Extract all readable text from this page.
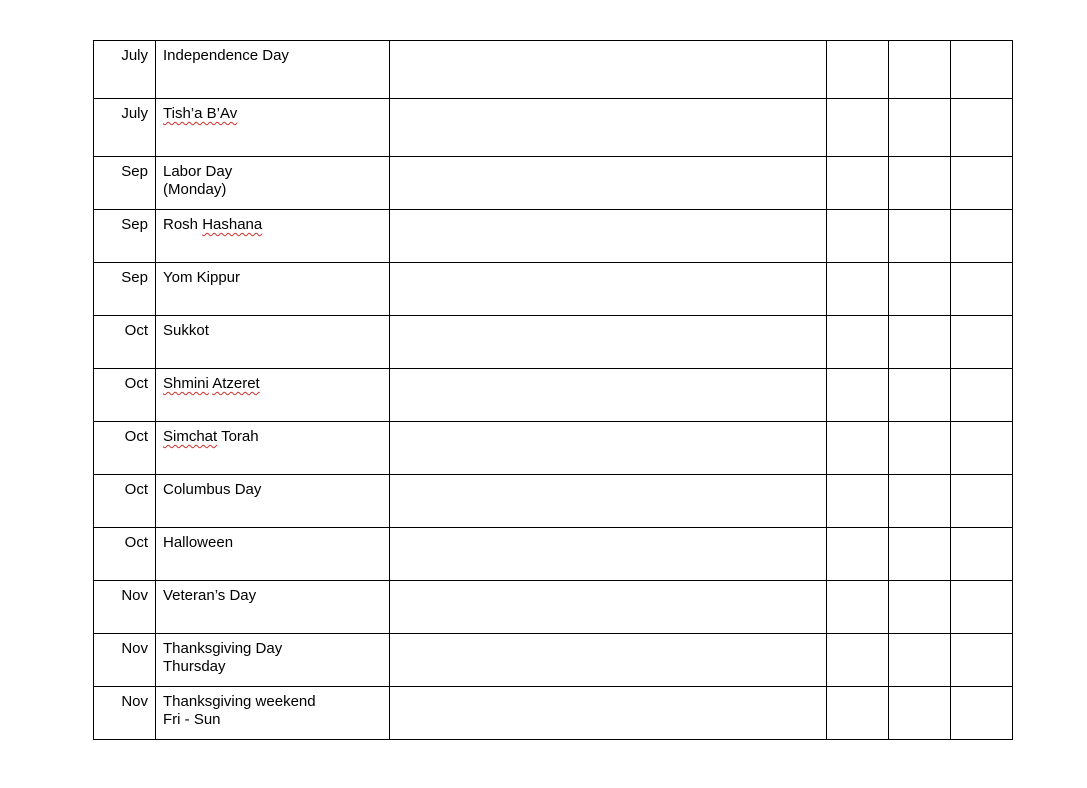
July	Independence Day				

July	Tish’a B’Av				

Sep	Labor Day
(Monday)				

Sep	Rosh Hashana				

Sep	Yom Kippur				

Oct	Sukkot				

Oct	Shmini Atzeret				

Oct	Simchat Torah				

Oct	Columbus Day				

Oct	Halloween				

Nov	Veteran’s Day				

Nov	Thanksgiving Day
Thursday				

Nov	Thanksgiving weekend
Fri - Sun				
